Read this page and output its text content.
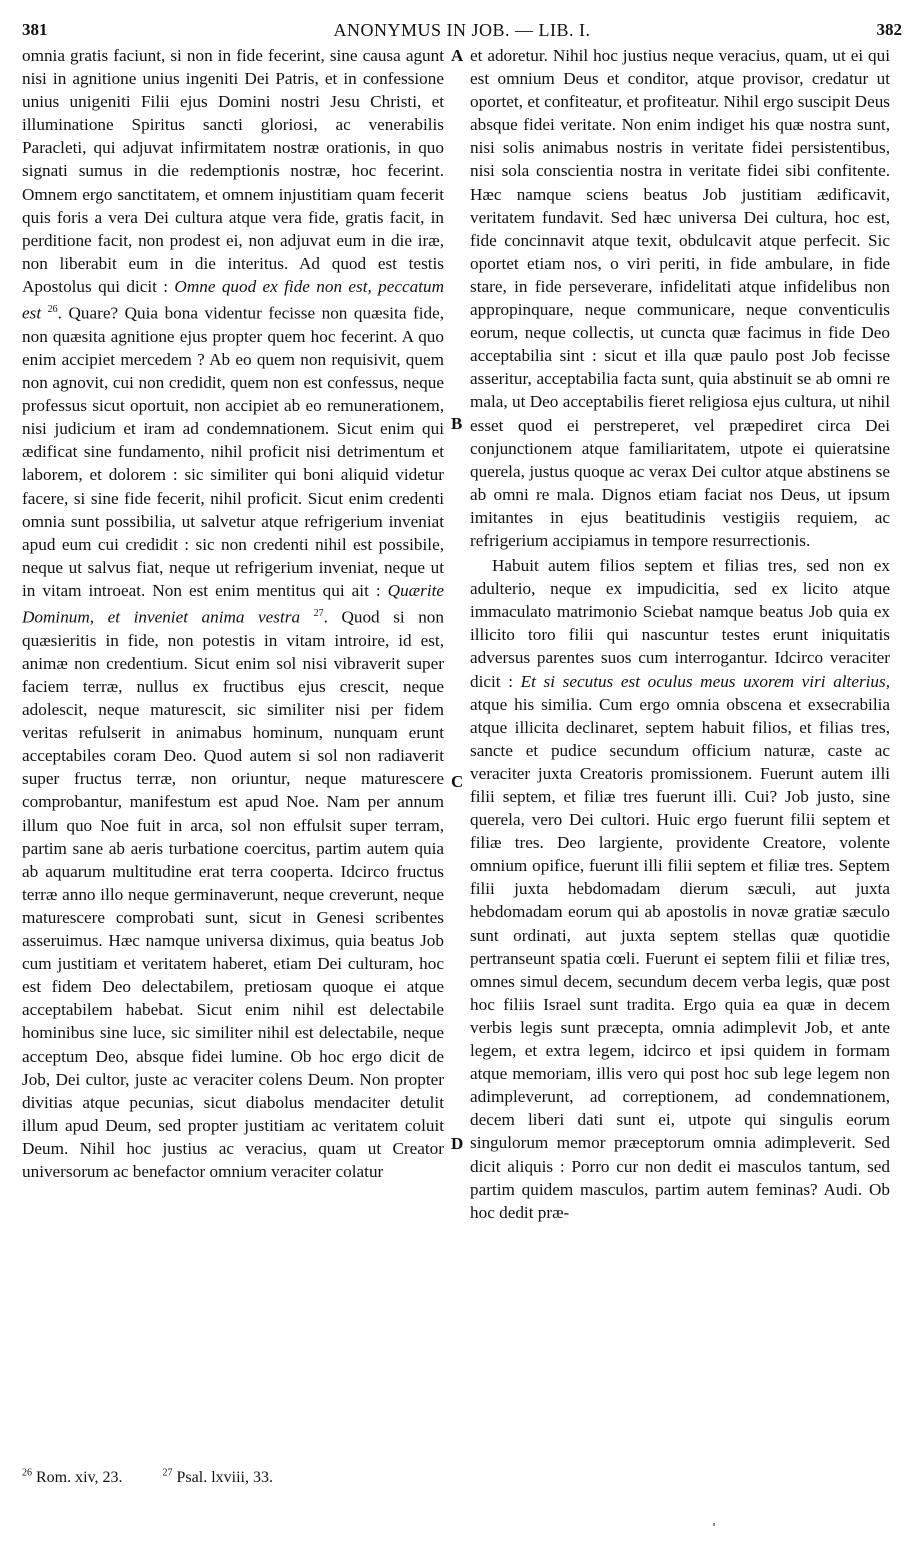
381	ANONYMUS IN JOB. — LIB. I.	382
A
B
C
D

omnia gratis faciunt, si non in fide fecerint, sine causa agunt nisi in agnitione unius ingeniti Dei Patris, et in confessione unius unigeniti Filii ejus Domini nostri Jesu Christi, et illuminatione Spiritus sancti gloriosi, ac venerabilis Paracleti, qui adjuvat infirmitatem nostræ orationis, in quo signati sumus in die redemptionis nostræ, hoc fecerint. Omnem ergo sanctitatem, et omnem injustitiam quam fecerit quis foris a vera Dei cultura atque vera fide, gratis facit, in perditione facit, non prodest ei, non adjuvat eum in die iræ, non liberabit eum in die interitus. Ad quod est testis Apostolus qui dicit : Omne quod ex fide non est, peccatum est $^{26}$. Quare? Quia bona videntur fecisse non quæsita fide, non quæsita agnitione ejus propter quem hoc fecerint. A quo enim accipiet mercedem ? Ab eo quem non requisivit, quem non agnovit, cui non credidit, quem non est confessus, neque professus sicut oportuit, non accipiet ab eo remunerationem, nisi judicium et iram ad condemnationem. Sicut enim qui ædificat sine fundamento, nihil proficit nisi detrimentum et laborem, et dolorem : sic similiter qui boni aliquid videtur facere, si sine fide fecerit, nihil proficit. Sicut enim credenti omnia sunt possibilia, ut salvetur atque refrigerium inveniat apud eum cui credidit : sic non credenti nihil est possibile, neque ut salvus fiat, neque ut refrigerium inveniat, neque ut in vitam introeat. Non est enim mentitus qui ait : Quærite Dominum, et inveniet anima vestra $^{27}$. Quod si non quæsieritis in fide, non potestis in vitam introire, id est, animæ non credentium. Sicut enim sol nisi vibraverit super faciem terræ, nullus ex fructibus ejus crescit, neque adolescit, neque maturescit, sic similiter nisi per fidem veritas refulserit in animabus hominum, nunquam erunt acceptabiles coram Deo. Quod autem si sol non radiaverit super fructus terræ, non oriuntur, neque maturescere comprobantur, manifestum est apud Noe. Nam per annum illum quo Noe fuit in arca, sol non effulsit super terram, partim sane ab aeris turbatione coercitus, partim autem quia ab aquarum multitudine erat terra cooperta. Idcirco fructus terræ anno illo neque germinaverunt, neque creverunt, neque maturescere comprobati sunt, sicut in Genesi scribentes asseruimus. Hæc namque universa diximus, quia beatus Job cum justitiam et veritatem haberet, etiam Dei culturam, hoc est fidem Deo delectabilem, pretiosam quoque ei atque acceptabilem habebat. Sicut enim nihil est delectabile hominibus sine luce, sic similiter nihil est delectabile, neque acceptum Deo, absque fidei lumine. Ob hoc ergo dicit de Job, Dei cultor, juste ac veraciter colens Deum. Non propter divitias atque pecunias, sicut diabolus mendaciter detulit illum apud Deum, sed propter justitiam ac veritatem coluit Deum. Nihil hoc justius ac veracius, quam ut Creator universorum ac benefactor omnium veraciter colatur

et adoretur. Nihil hoc justius neque veracius, quam, ut ei qui est omnium Deus et conditor, atque provisor, credatur ut oportet, et confiteatur, et profiteatur. Nihil ergo suscipit Deus absque fidei veritate. Non enim indiget his quæ nostra sunt, nisi solis animabus nostris in veritate fidei persistentibus, nisi sola conscientia nostra in veritate fidei sibi confitente. Hæc namque sciens beatus Job justitiam ædificavit, veritatem fundavit. Sed hæc universa Dei cultura, hoc est, fide concinnavit atque texit, obdulcavit atque perfecit. Sic oportet etiam nos, o viri periti, in fide ambulare, in fide stare, in fide perseverare, infidelitati atque infidelibus non appropinquare, neque communicare, neque conventiculis eorum, neque collectis, ut cuncta quæ facimus in fide Deo acceptabilia sint : sicut et illa quæ paulo post Job fecisse asseritur, acceptabilia facta sunt, quia abstinuit se ab omni re mala, ut Deo acceptabilis fieret religiosa ejus cultura, ut nihil esset quod ei perstreperet, vel præpediret circa Dei conjunctionem atque familiaritatem, utpote ei quieratsine querela, justus quoque ac verax Dei cultor atque abstinens se ab omni re mala. Dignos etiam faciat nos Deus, ut ipsum imitantes in ejus beatitudinis vestigiis requiem, ac refrigerium accipiamus in tempore resurrectionis.

Habuit autem filios septem et filias tres, sed non ex adulterio, neque ex impudicitia, sed ex licito atque immaculato matrimonio Sciebat namque beatus Job quia ex illicito toro filii qui nascuntur testes erunt iniquitatis adversus parentes suos cum interrogantur. Idcirco veraciter dicit : Et si secutus est oculus meus uxorem viri alterius, atque his similia. Cum ergo omnia obscena et exsecrabilia atque illicita declinaret, septem habuit filios, et filias tres, sancte et pudice secundum officium naturæ, caste ac veraciter juxta Creatoris promissionem. Fuerunt autem illi filii septem, et filiæ tres fuerunt illi. Cui? Job justo, sine querela, vero Dei cultori. Huic ergo fuerunt filii septem et filiæ tres. Deo largiente, providente Creatore, volente omnium opifice, fuerunt illi filii septem et filiæ tres. Septem filii juxta hebdomadam dierum sæculi, aut juxta hebdomadam eorum qui ab apostolis in novæ gratiæ sæculo sunt ordinati, aut juxta septem stellas quæ quotidie pertranseunt spatia cœli. Fuerunt ei septem filii et filiæ tres, omnes simul decem, secundum decem verba legis, quæ post hoc filiis Israel sunt tradita. Ergo quia ea quæ in decem verbis legis sunt præcepta, omnia adimplevit Job, et ante legem, et extra legem, idcirco et ipsi quidem in formam atque memoriam, illis vero qui post hoc sub lege legem non adimpleverunt, ad correptionem, ad condemnationem, decem liberi dati sunt ei, utpote qui singulis eorum singulorum memor præceptorum omnia adimpleverit. Sed dicit aliquis : Porro cur non dedit ei masculos tantum, sed partim quidem masculos, partim autem feminas? Audi. Ob hoc dedit præ-

$^{26}$ Rom. xiv, 23.	$^{27}$ Psal. lxviii, 33.
